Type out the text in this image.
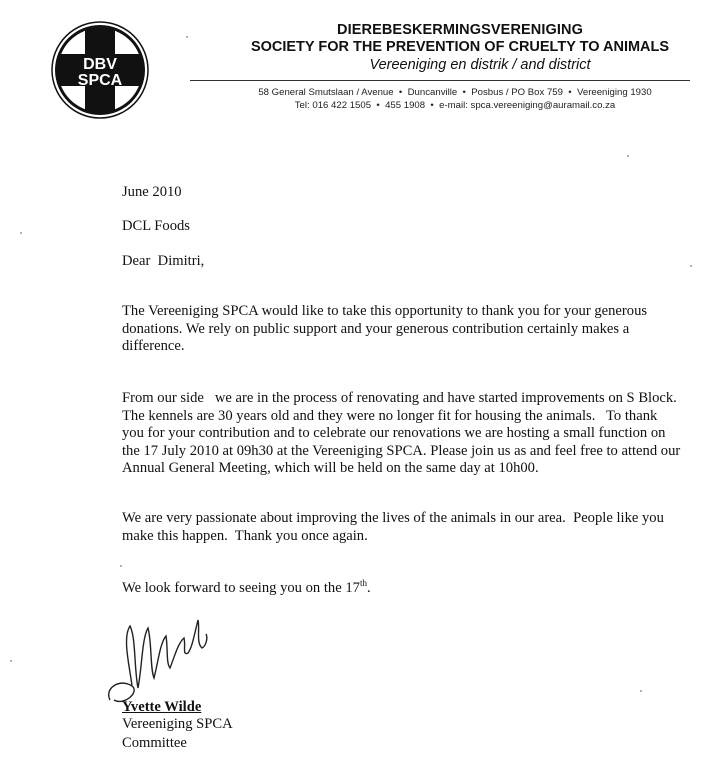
DBV
SPCA
DIEREBESKERMINGSVERENIGING
SOCIETY FOR THE PREVENTION OF CRUELTY TO ANIMALS
Vereeniging en distrik / and district
58 General Smutslaan / Avenue  •  Duncanville  •  Posbus / PO Box 759  •  Vereeniging 1930
Tel: 016 422 1505  •  455 1908  •  e-mail: spca.vereeniging@auramail.co.za
June 2010
DCL Foods
Dear  Dimitri,

The Vereeniging SPCA would like to take this opportunity to thank you for your generous donations. We rely on public support and your generous contribution certainly makes a difference.

From our side   we are in the process of renovating and have started improvements on S Block.  The kennels are 30 years old and they were no longer fit for housing the animals.   To thank you for your contribution and to celebrate our renovations we are hosting a small function on the 17 July 2010 at 09h30 at the Vereeniging SPCA. Please join us as and feel free to attend our Annual General Meeting, which will be held on the same day at 10h00.

We are very passionate about improving the lives of the animals in our area.  People like you make this happen.  Thank you once again.

We look forward to seeing you on the 17th.
Yvette Wilde
Vereeniging SPCA
Committee
